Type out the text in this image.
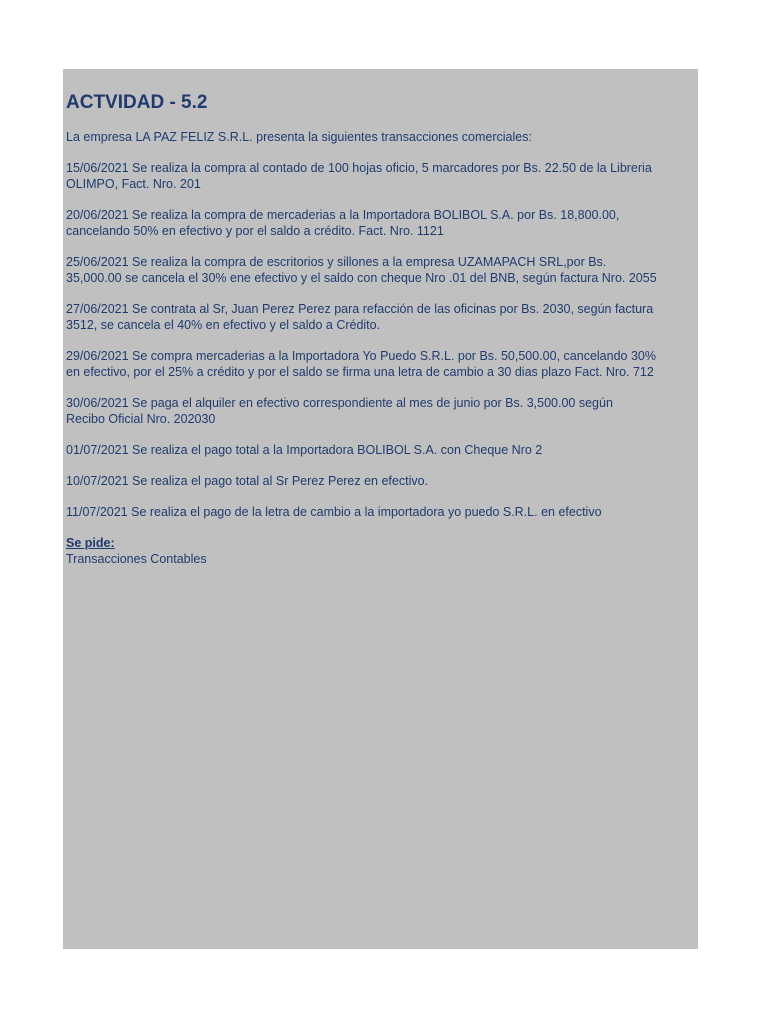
ACTVIDAD - 5.2
La empresa LA PAZ FELIZ S.R.L. presenta la siguientes transacciones comerciales:
15/06/2021 Se realiza la compra al contado de 100 hojas oficio, 5 marcadores por Bs. 22.50 de la Libreria
OLIMPO, Fact. Nro. 201
20/06/2021 Se realiza la compra de mercaderias a la Importadora BOLIBOL S.A. por Bs. 18,800.00,
cancelando 50% en efectivo y por el saldo a crédito. Fact. Nro. 1121
25/06/2021 Se realiza la compra de escritorios y sillones a la empresa UZAMAPACH SRL,por Bs.
35,000.00 se cancela el 30% ene efectivo y el saldo con cheque Nro .01 del BNB, según factura Nro. 2055
27/06/2021 Se contrata al Sr, Juan Perez Perez para refacción de las oficinas por Bs. 2030, según factura
3512, se cancela el 40% en efectivo y el saldo a Crédito.
29/06/2021 Se compra mercaderias a la Importadora Yo Puedo S.R.L. por Bs. 50,500.00, cancelando 30%
en efectivo, por el 25% a crédito y por el saldo se firma una letra de cambio a 30 dias plazo Fact. Nro. 712
30/06/2021 Se paga el alquiler en efectivo correspondiente al mes de junio por Bs. 3,500.00 según
Recibo Oficial Nro. 202030
01/07/2021 Se realiza el pago total a la Importadora BOLIBOL S.A. con Cheque Nro 2
10/07/2021 Se realiza el pago total al Sr Perez Perez en efectivo.
11/07/2021 Se realiza el pago de la letra de cambio a la importadora yo puedo S.R.L. en efectivo
Se pide:
Transacciones Contables
